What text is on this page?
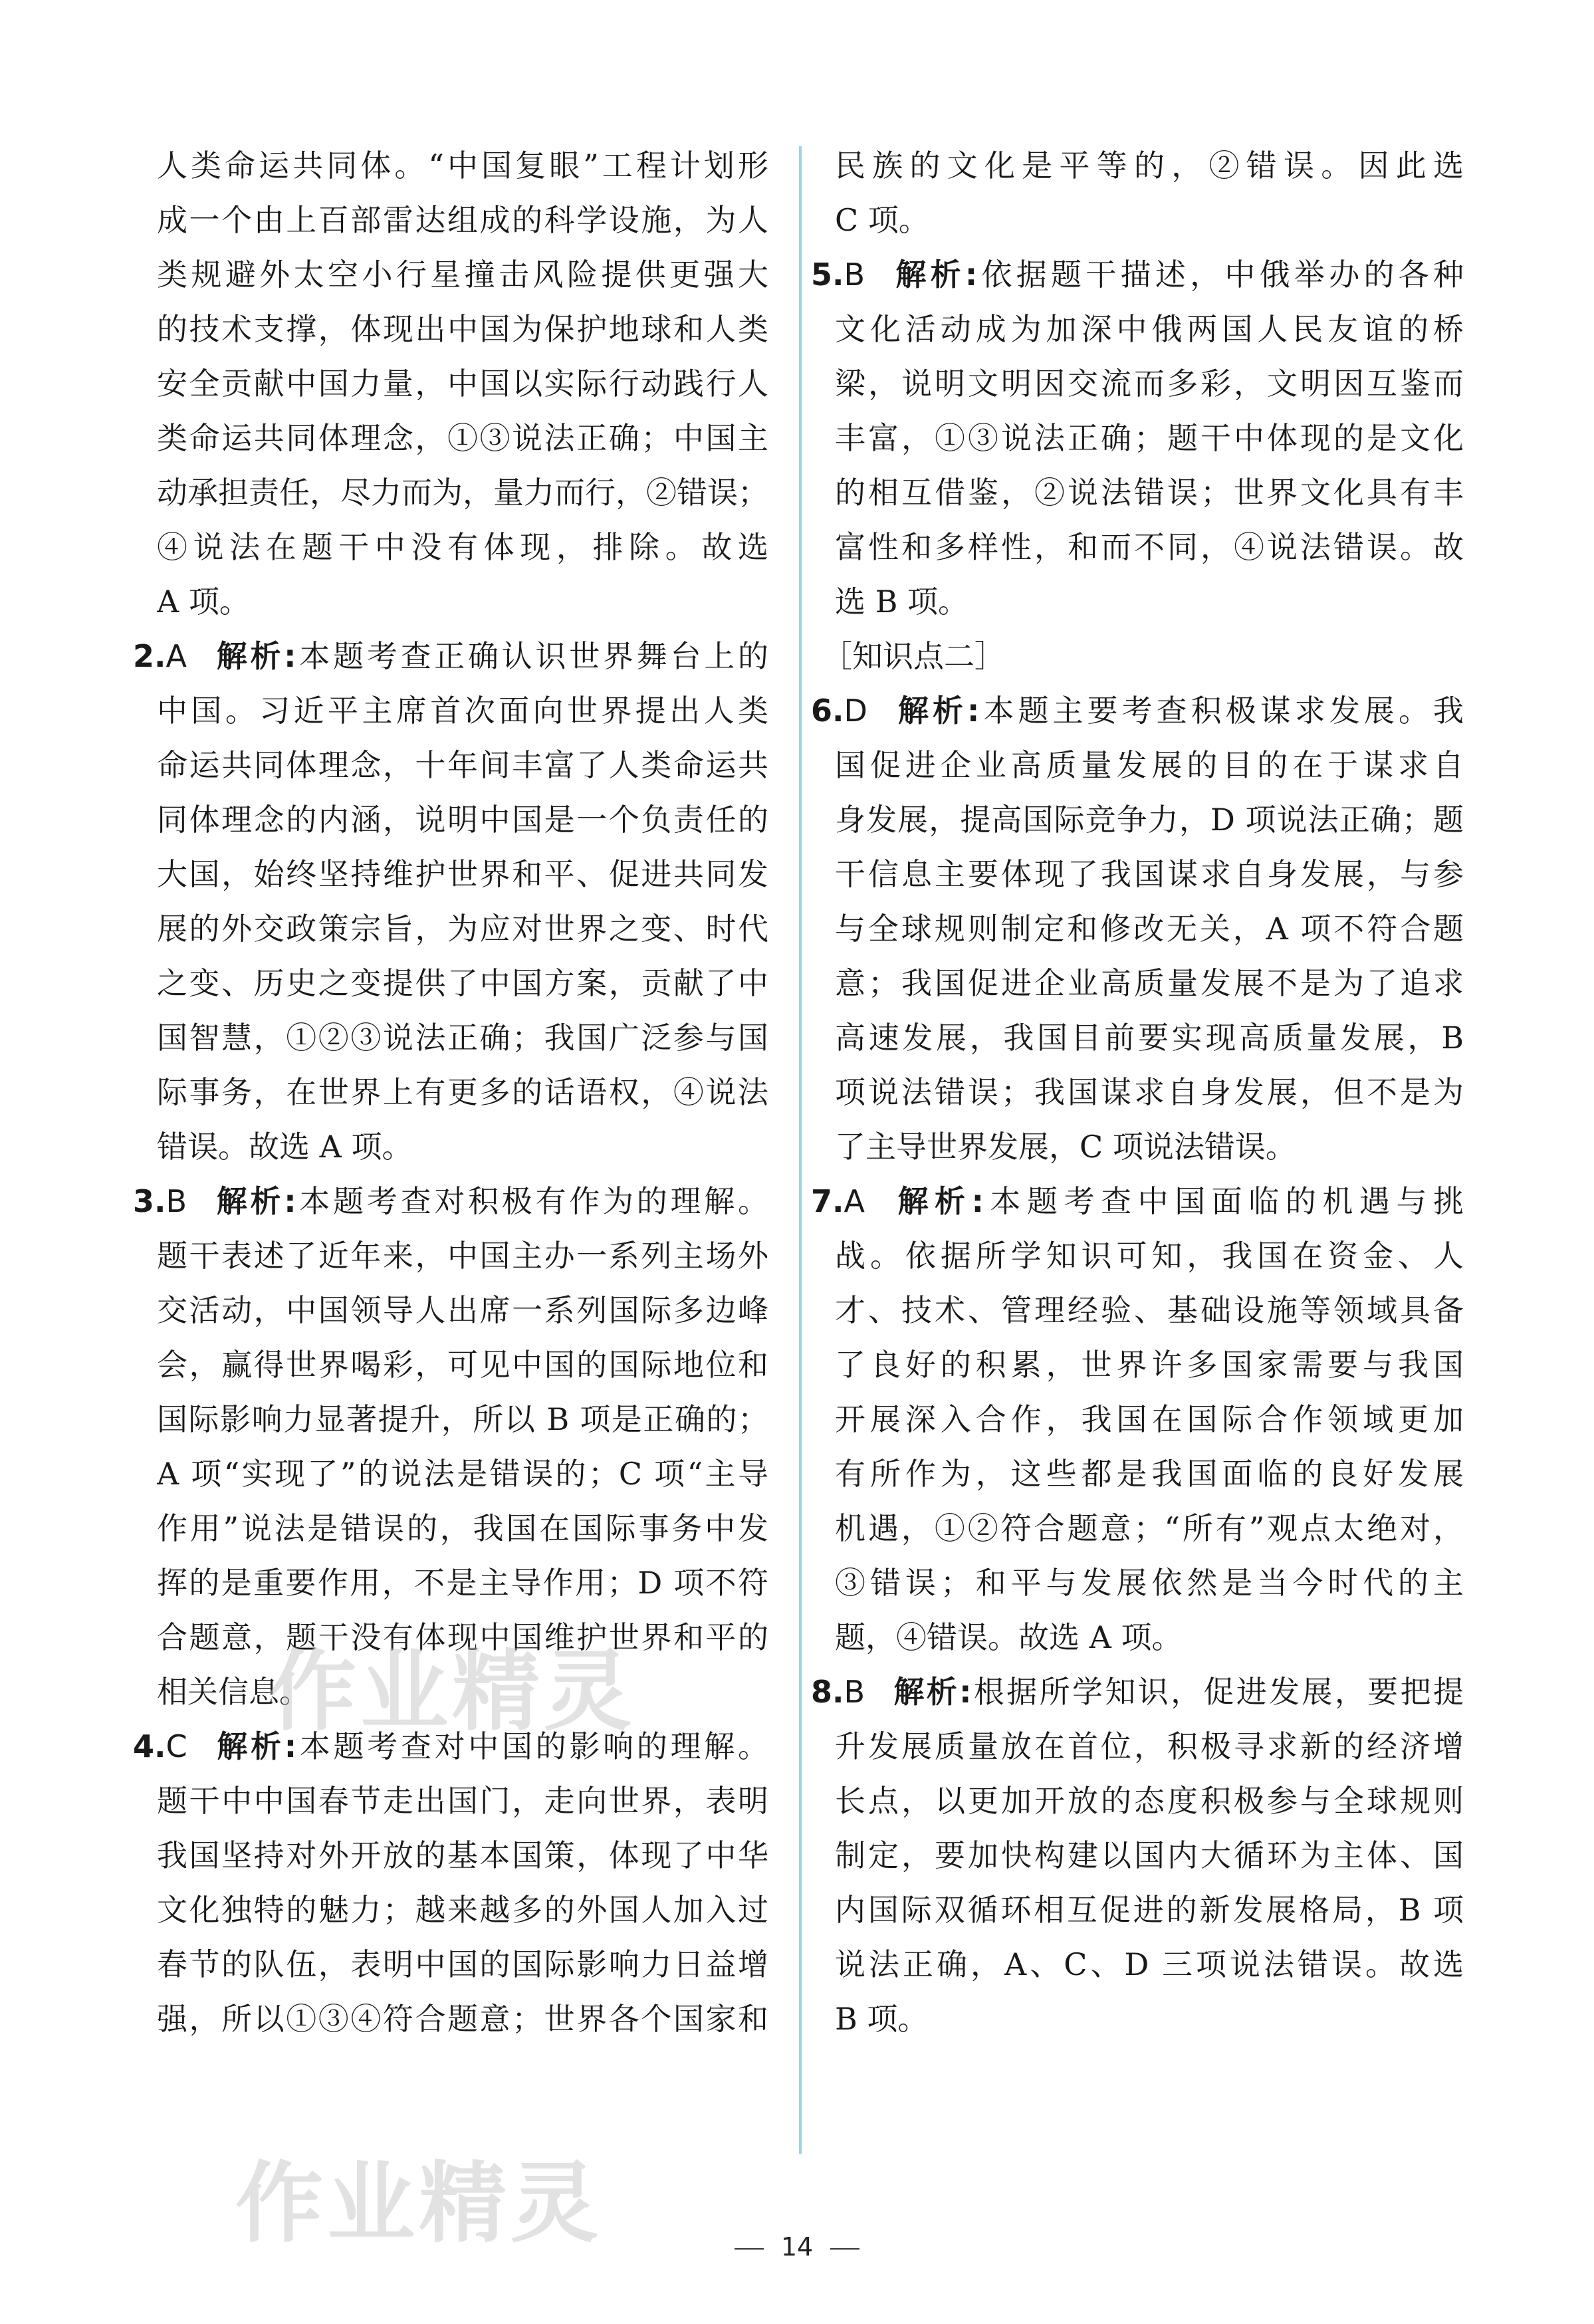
人类命运共同体。“中国复眼”工程计划形
成一个由上百部雷达组成的科学设施，为人
类规避外太空小行星撞击风险提供更强大
的技术支撑，体现出中国为保护地球和人类
安全贡献中国力量，中国以实际行动践行人
类命运共同体理念，①③说法正确；中国主
动承担责任，尽力而为，量力而行，②错误；
④说法在题干中没有体现，排除。故选
A 项。
2.A 解析:本题考查正确认识世界舞台上的
中国。习近平主席首次面向世界提出人类
命运共同体理念，十年间丰富了人类命运共
同体理念的内涵，说明中国是一个负责任的
大国，始终坚持维护世界和平、促进共同发
展的外交政策宗旨，为应对世界之变、时代
之变、历史之变提供了中国方案，贡献了中
国智慧，①②③说法正确；我国广泛参与国
际事务，在世界上有更多的话语权，④说法
错误。故选 A 项。
3.B 解析:本题考查对积极有作为的理解。
题干表述了近年来，中国主办一系列主场外
交活动，中国领导人出席一系列国际多边峰
会，赢得世界喝彩，可见中国的国际地位和
国际影响力显著提升，所以 B 项是正确的；
A 项“实现了”的说法是错误的；C 项“主导
作用”说法是错误的，我国在国际事务中发
挥的是重要作用，不是主导作用；D 项不符
合题意，题干没有体现中国维护世界和平的
相关信息。
4.C 解析:本题考查对中国的影响的理解。
题干中中国春节走出国门，走向世界，表明
我国坚持对外开放的基本国策，体现了中华
文化独特的魅力；越来越多的外国人加入过
春节的队伍，表明中国的国际影响力日益增
强，所以①③④符合题意；世界各个国家和
民族的文化是平等的，②错误。因此选
C 项。
5.B 解析:依据题干描述，中俄举办的各种
文化活动成为加深中俄两国人民友谊的桥
梁，说明文明因交流而多彩，文明因互鉴而
丰富，①③说法正确；题干中体现的是文化
的相互借鉴，②说法错误；世界文化具有丰
富性和多样性，和而不同，④说法错误。故
选 B 项。
［知识点二］
6.D 解析:本题主要考查积极谋求发展。我
国促进企业高质量发展的目的在于谋求自
身发展，提高国际竞争力，D 项说法正确；题
干信息主要体现了我国谋求自身发展，与参
与全球规则制定和修改无关，A 项不符合题
意；我国促进企业高质量发展不是为了追求
高速发展，我国目前要实现高质量发展，B
项说法错误；我国谋求自身发展，但不是为
了主导世界发展，C 项说法错误。
7.A 解析:本题考查中国面临的机遇与挑
战。依据所学知识可知，我国在资金、人
才、技术、管理经验、基础设施等领域具备
了良好的积累，世界许多国家需要与我国
开展深入合作，我国在国际合作领域更加
有所作为，这些都是我国面临的良好发展
机遇，①②符合题意；“所有”观点太绝对，
③错误；和平与发展依然是当今时代的主
题，④错误。故选 A 项。
8.B 解析:根据所学知识，促进发展，要把提
升发展质量放在首位，积极寻求新的经济增
长点，以更加开放的态度积极参与全球规则
制定，要加快构建以国内大循环为主体、国
内国际双循环相互促进的新发展格局，B 项
说法正确，A、C、D 三项说法错误。故选
B 项。
作业精灵
作业精灵	14
